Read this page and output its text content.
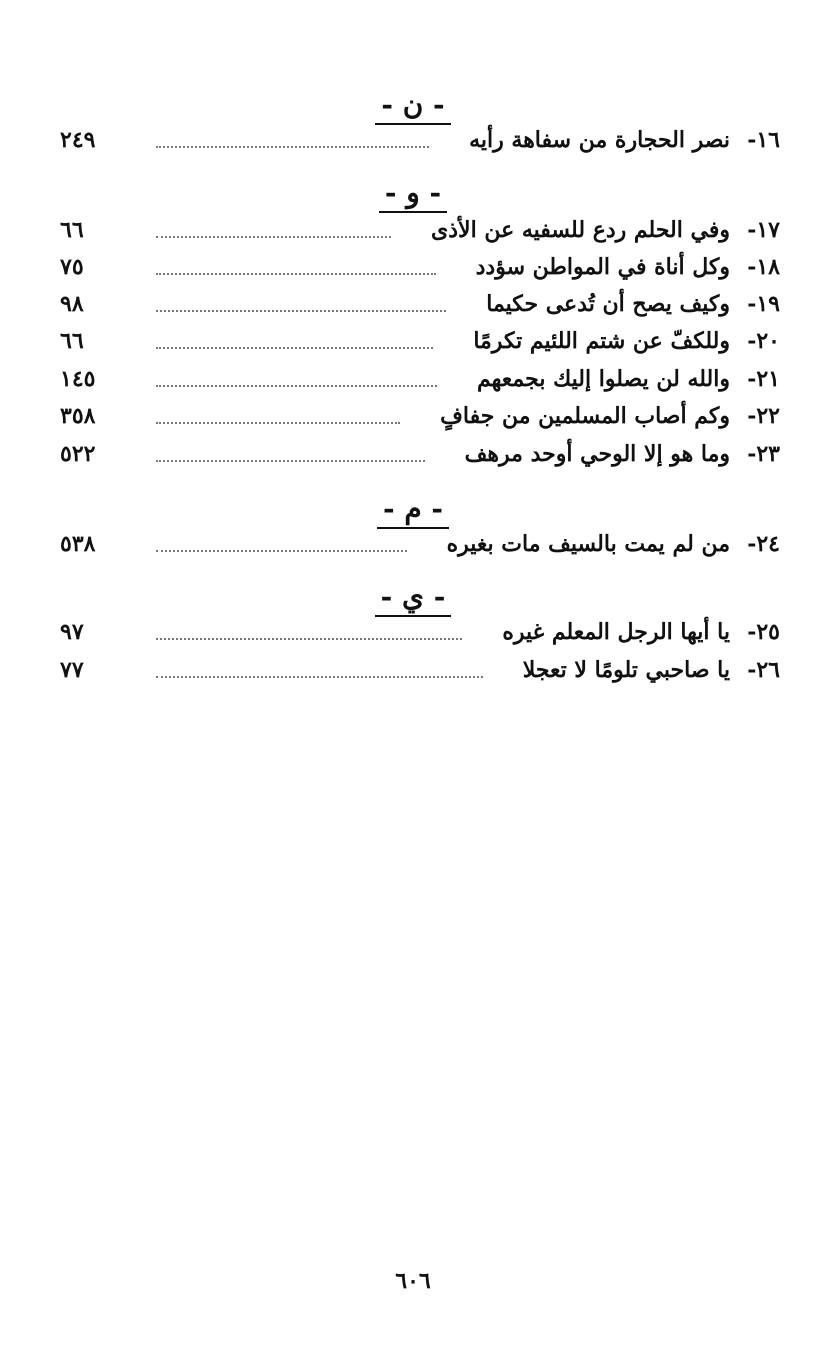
- ن -
١٦-
نصر الحجارة من سفاهة رأيه
٢٤٩
- و -
١٧-
وفي الحلم ردع للسفيه عن الأذى
٦٦
١٨-
وكل أناة في المواطن سؤدد
٧٥
١٩-
وكيف يصح أن تُدعى حكيما
٩٨
٢٠-
وللكفّ عن شتم اللئيم تكرمًا
٦٦
٢١-
والله لن يصلوا إليك بجمعهم
١٤٥
٢٢-
وكم أصاب المسلمين من جفافٍ
٣٥٨
٢٣-
وما هو إلا الوحي أوحد مرهف
٥٢٢
- م -
٢٤-
من لم يمت بالسيف مات بغيره
٥٣٨
- ي -
٢٥-
يا أيها الرجل المعلم غيره
٩٧
٢٦-
يا صاحبي تلومًا لا تعجلا
٧٧
٦٠٦
